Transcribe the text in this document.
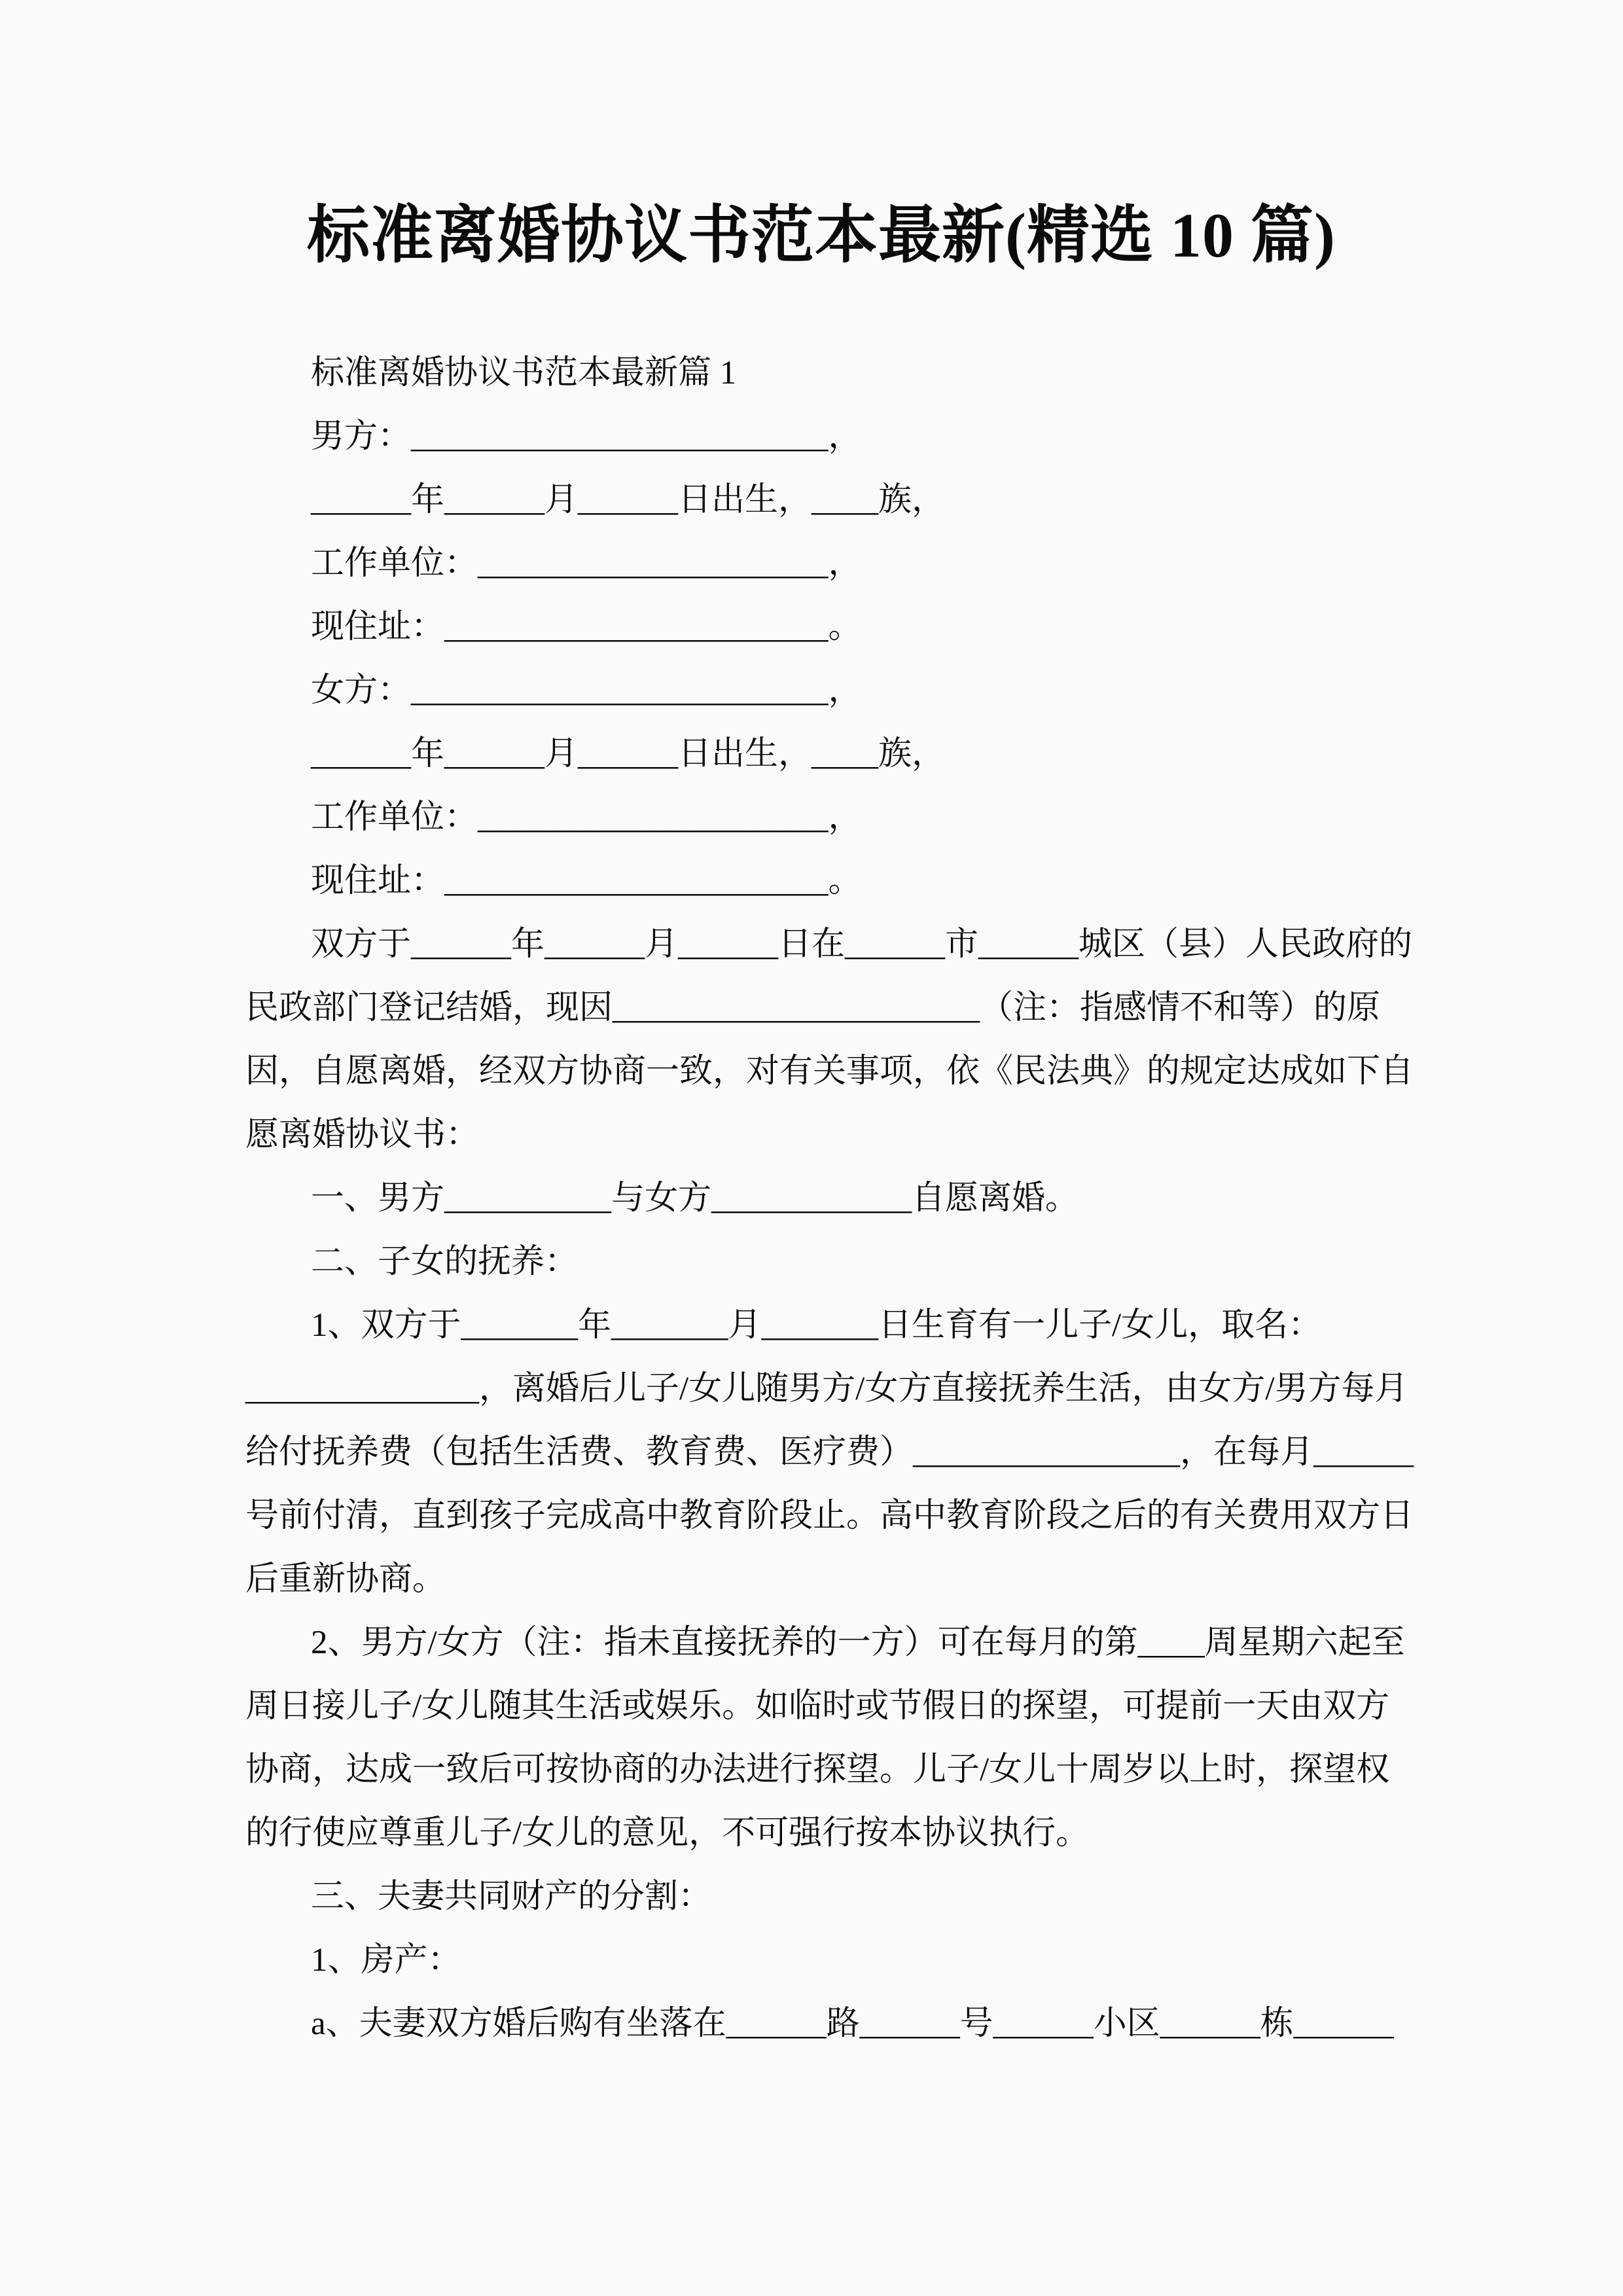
标准离婚协议书范本最新(精选 10 篇)
标准离婚协议书范本最新篇 1
男方：_________________________，
______年______月______日出生，____族，
工作单位：_____________________，
现住址：_______________________。
女方：_________________________，
______年______月______日出生，____族，
工作单位：_____________________，
现住址：_______________________。
双方于______年______月______日在______市______城区（县）人民政府的
民政部门登记结婚，现因______________________（注：指感情不和等）的原
因，自愿离婚，经双方协商一致，对有关事项，依《民法典》的规定达成如下自
愿离婚协议书：
一、男方__________与女方____________自愿离婚。
二、子女的抚养：
1、双方于_______年_______月_______日生育有一儿子/女儿，取名：
______________，离婚后儿子/女儿随男方/女方直接抚养生活，由女方/男方每月
给付抚养费（包括生活费、教育费、医疗费）________________，在每月______
号前付清，直到孩子完成高中教育阶段止。高中教育阶段之后的有关费用双方日
后重新协商。
2、男方/女方（注：指未直接抚养的一方）可在每月的第____周星期六起至
周日接儿子/女儿随其生活或娱乐。如临时或节假日的探望，可提前一天由双方
协商，达成一致后可按协商的办法进行探望。儿子/女儿十周岁以上时，探望权
的行使应尊重儿子/女儿的意见，不可强行按本协议执行。
三、夫妻共同财产的分割：
1、房产：
a、夫妻双方婚后购有坐落在______路______号______小区______栋______
